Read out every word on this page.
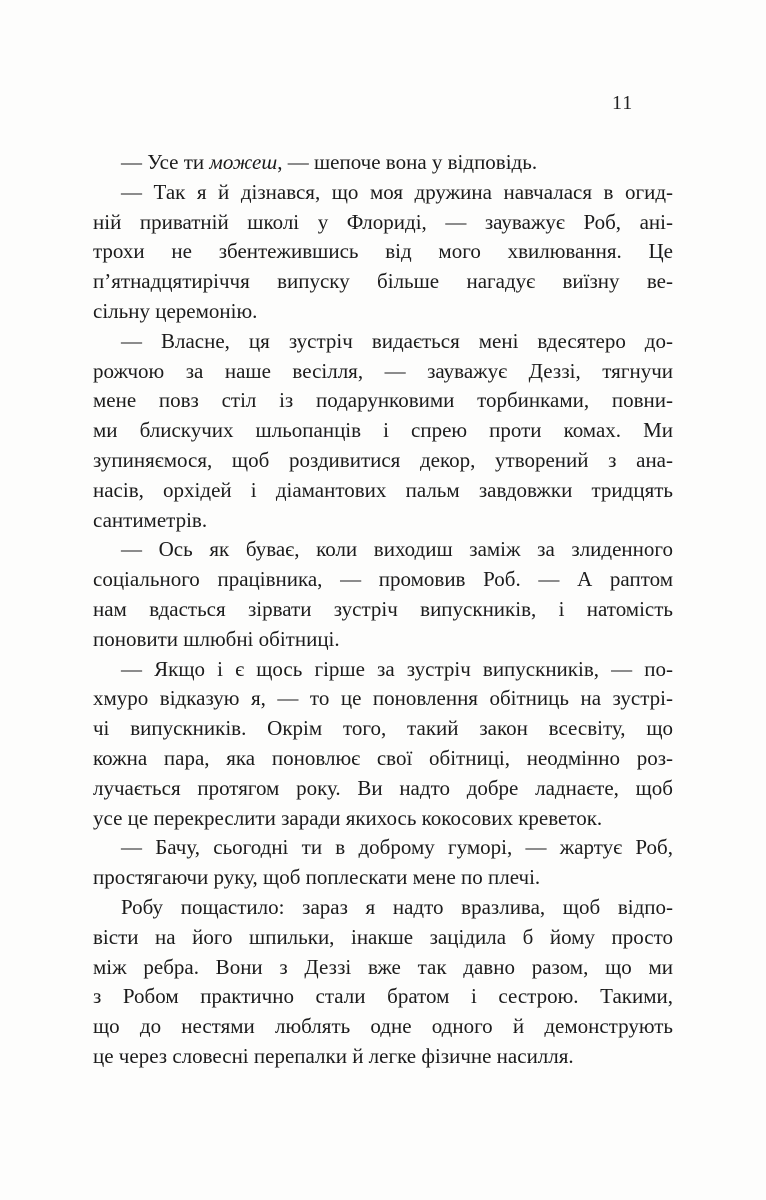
11
— Усе ти можеш, — шепоче вона у відповідь.
— Так я й дізнався, що моя дружина навчалася в огид-
ній приватній школі у Флориді, — зауважує Роб, ані-
трохи не збентежившись від мого хвилювання. Це
п’ятнадцятиріччя випуску більше нагадує виїзну ве-
сільну церемонію.
— Власне, ця зустріч видається мені вдесятеро до-
рожчою за наше весілля, — зауважує Деззі, тягнучи
мене повз стіл із подарунковими торбинками, повни-
ми блискучих шльопанців і спрею проти комах. Ми
зупиняємося, щоб роздивитися декор, утворений з ана-
насів, орхідей і діамантових пальм завдовжки тридцять
сантиметрів.
— Ось як буває, коли виходиш заміж за злиденного
соціального працівника, — промовив Роб. — А раптом
нам вдасться зірвати зустріч випускників, і натомість
поновити шлюбні обітниці.
— Якщо і є щось гірше за зустріч випускників, — по-
хмуро відказую я, — то це поновлення обітниць на зустрі-
чі випускників. Окрім того, такий закон всесвіту, що
кожна пара, яка поновлює свої обітниці, неодмінно роз-
лучається протягом року. Ви надто добре ладнаєте, щоб
усе це перекреслити заради якихось кокосових креветок.
— Бачу, сьогодні ти в доброму гуморі, — жартує Роб,
простягаючи руку, щоб поплескати мене по плечі.
Робу пощастило: зараз я надто вразлива, щоб відпо-
вісти на його шпильки, інакше зацідила б йому просто
між ребра. Вони з Деззі вже так давно разом, що ми
з Робом практично стали братом і сестрою. Такими,
що до нестями люблять одне одного й демонструють
це через словесні перепалки й легке фізичне насилля.
